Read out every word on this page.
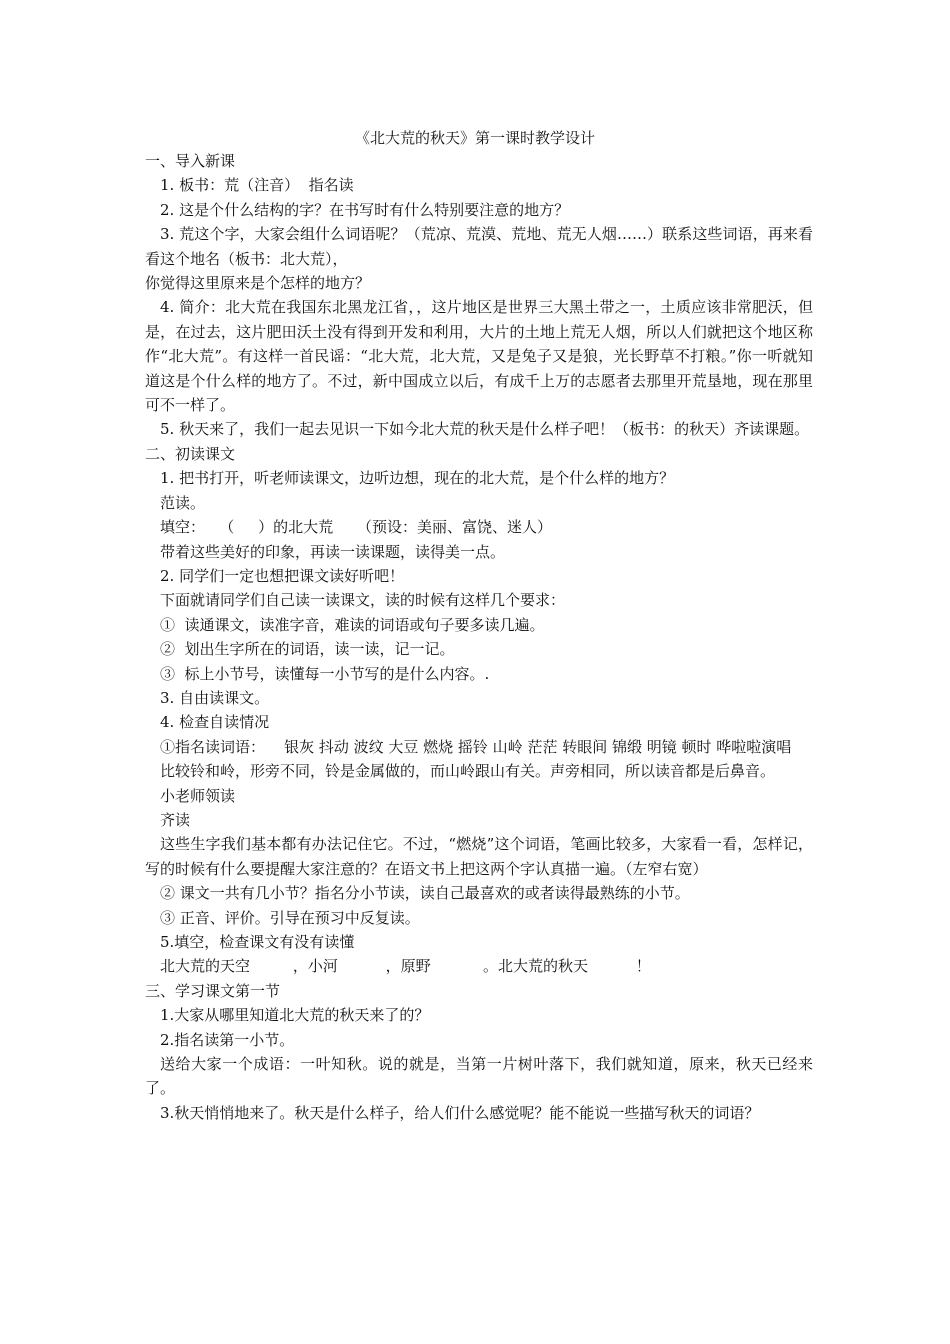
《北大荒的秋天》第一课时教学设计

一、导入新课

1. 板书：荒（注音）  指名读

2. 这是个什么结构的字？在书写时有什么特别要注意的地方？

3. 荒这个字，大家会组什么词语呢？（荒凉、荒漠、荒地、荒无人烟……）联系这些词语，再来看看这个地名（板书：北大荒），

你觉得这里原来是个怎样的地方？

4. 简介：北大荒在我国东北黑龙江省，，这片地区是世界三大黑土带之一，土质应该非常肥沃，但是，在过去，这片肥田沃土没有得到开发和利用，大片的土地上荒无人烟，所以人们就把这个地区称作“北大荒”。有这样一首民谣：“北大荒，北大荒，又是兔子又是狼，光长野草不打粮。”你一听就知道这是个什么样的地方了。不过，新中国成立以后，有成千上万的志愿者去那里开荒垦地，现在那里可不一样了。

5. 秋天来了，我们一起去见识一下如今北大荒的秋天是什么样子吧！（板书：的秋天）齐读课题。

二、初读课文

1. 把书打开，听老师读课文，边听边想，现在的北大荒，是个什么样的地方？

范读。

填空：   （     ）的北大荒     （预设：美丽、富饶、迷人）

带着这些美好的印象，再读一读课题，读得美一点。

2. 同学们一定也想把课文读好听吧！

下面就请同学们自己读一读课文，读的时候有这样几个要求：

①  读通课文，读准字音，难读的词语或句子要多读几遍。

②  划出生字所在的词语，读一读，记一记。

③  标上小节号，读懂每一小节写的是什么内容。.

3. 自由读课文。

4. 检查自读情况

①指名读词语：    银灰 抖动 波纹 大豆 燃烧 摇铃 山岭 茫茫 转眼间 锦缎 明镜 顿时 哗啦啦演唱

比较铃和岭，形旁不同，铃是金属做的，而山岭跟山有关。声旁相同，所以读音都是后鼻音。

小老师领读

齐读

这些生字我们基本都有办法记住它。不过，“燃烧”这个词语，笔画比较多，大家看一看，怎样记，写的时候有什么要提醒大家注意的？在语文书上把这两个字认真描一遍。（左窄右宽）

② 课文一共有几小节？指名分小节读，读自己最喜欢的或者读得最熟练的小节。

③ 正音、评价。引导在预习中反复读。

5.填空，检查课文有没有读懂

北大荒的天空         ，小河          ，原野           。北大荒的秋天          ！

三、学习课文第一节

1.大家从哪里知道北大荒的秋天来了的？

2.指名读第一小节。

送给大家一个成语：一叶知秋。说的就是，当第一片树叶落下，我们就知道，原来，秋天已经来了。

3.秋天悄悄地来了。秋天是什么样子，给人们什么感觉呢？能不能说一些描写秋天的词语？
